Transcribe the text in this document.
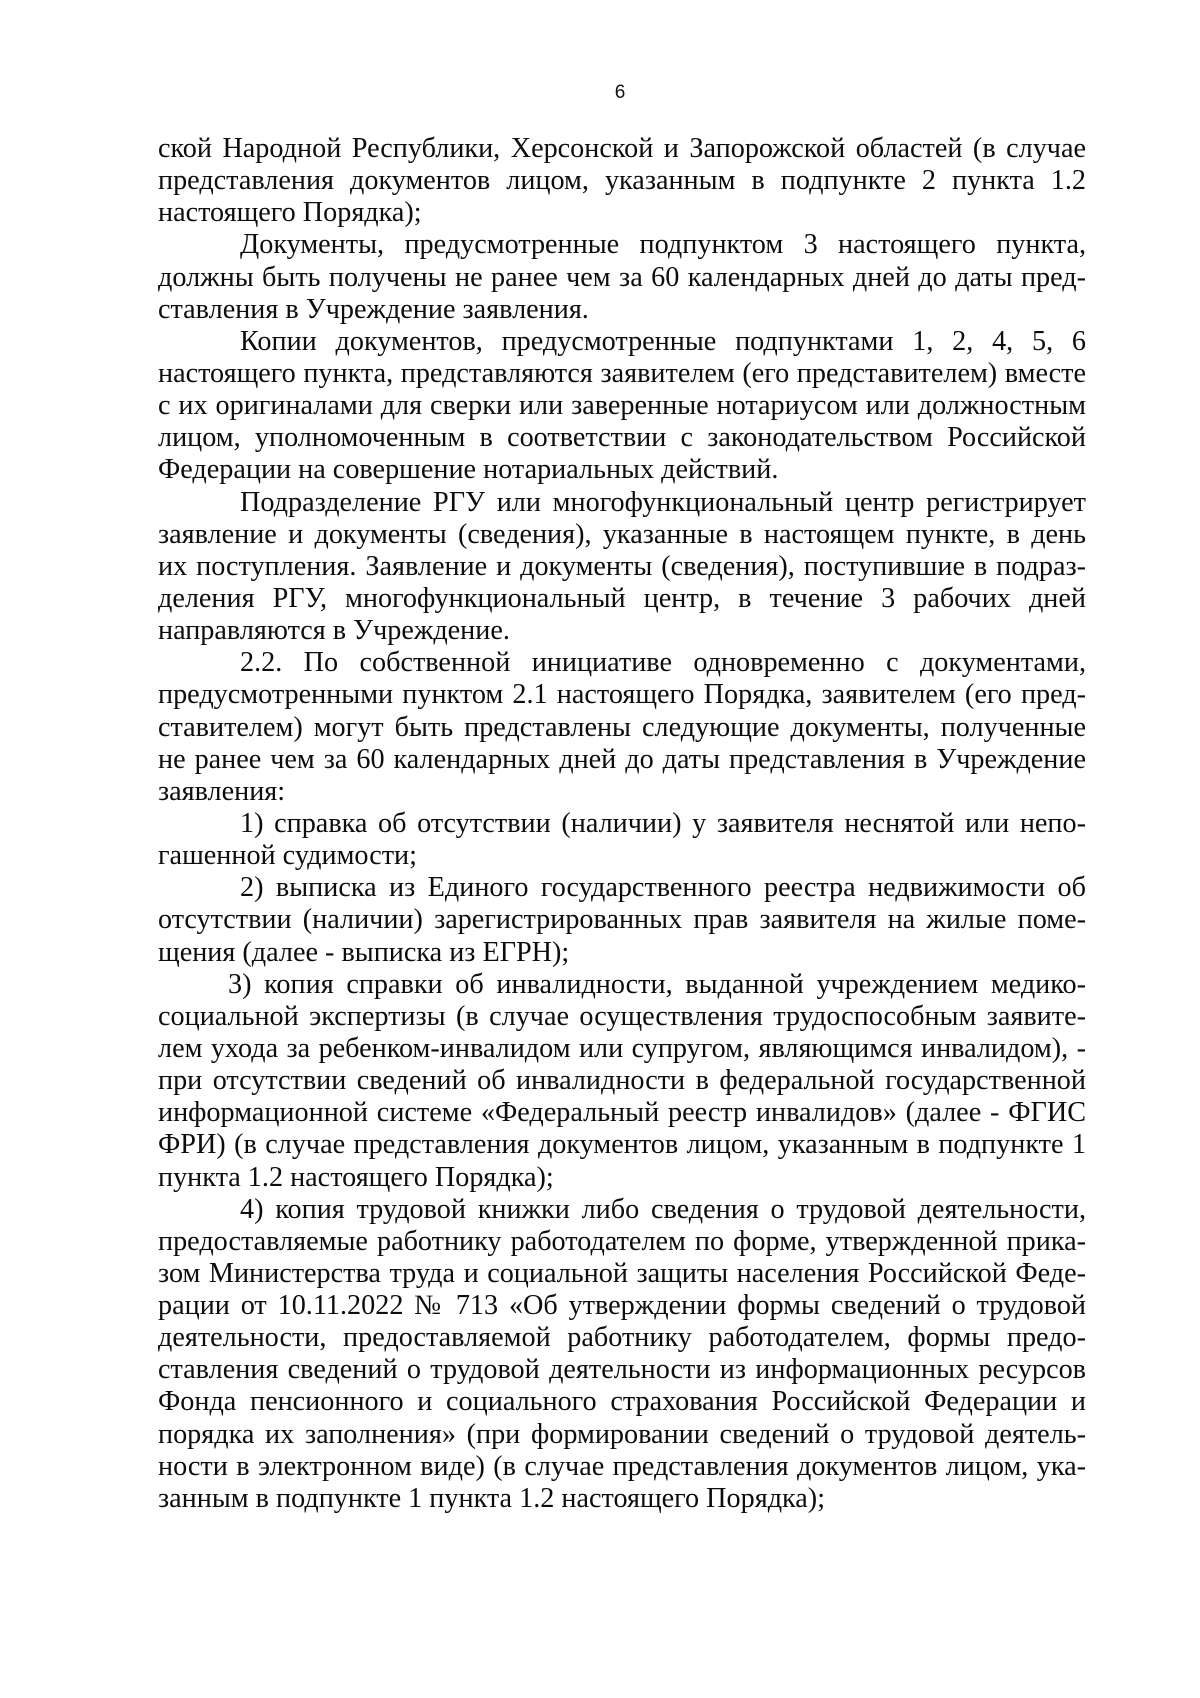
6
ской Народной Республики, Херсонской и Запорожской областей (в случае
представления документов лицом, указанным в подпункте 2 пункта 1.2
настоящего Порядка);
Документы, предусмотренные подпунктом 3 настоящего пункта,
должны быть получены не ранее чем за 60 календарных дней до даты пред-
ставления в Учреждение заявления.
Копии документов, предусмотренные подпунктами 1, 2, 4, 5, 6
настоящего пункта, представляются заявителем (его представителем) вместе
с их оригиналами для сверки или заверенные нотариусом или должностным
лицом, уполномоченным в соответствии с законодательством Российской
Федерации на совершение нотариальных действий.
Подразделение РГУ или многофункциональный центр регистрирует
заявление и документы (сведения), указанные в настоящем пункте, в день
их поступления. Заявление и документы (сведения), поступившие в подраз-
деления РГУ, многофункциональный центр, в течение 3 рабочих дней
направляются в Учреждение.
2.2. По собственной инициативе одновременно с документами,
предусмотренными пунктом 2.1 настоящего Порядка, заявителем (его пред-
ставителем) могут быть представлены следующие документы, полученные
не ранее чем за 60 календарных дней до даты представления в Учреждение
заявления:
1) справка об отсутствии (наличии) у заявителя неснятой или непо-
гашенной судимости;
2) выписка из Единого государственного реестра недвижимости об
отсутствии (наличии) зарегистрированных прав заявителя на жилые поме-
щения (далее - выписка из ЕГРН);
3) копия справки об инвалидности, выданной учреждением медико-
социальной экспертизы (в случае осуществления трудоспособным заявите-
лем ухода за ребенком-инвалидом или супругом, являющимся инвалидом), -
при отсутствии сведений об инвалидности в федеральной государственной
информационной системе «Федеральный реестр инвалидов» (далее - ФГИС
ФРИ) (в случае представления документов лицом, указанным в подпункте 1
пункта 1.2 настоящего Порядка);
4) копия трудовой книжки либо сведения о трудовой деятельности,
предоставляемые работнику работодателем по форме, утвержденной прика-
зом Министерства труда и социальной защиты населения Российской Феде-
рации от 10.11.2022 № 713 «Об утверждении формы сведений о трудовой
деятельности, предоставляемой работнику работодателем, формы предо-
ставления сведений о трудовой деятельности из информационных ресурсов
Фонда пенсионного и социального страхования Российской Федерации и
порядка их заполнения» (при формировании сведений о трудовой деятель-
ности в электронном виде) (в случае представления документов лицом, ука-
занным в подпункте 1 пункта 1.2 настоящего Порядка);
